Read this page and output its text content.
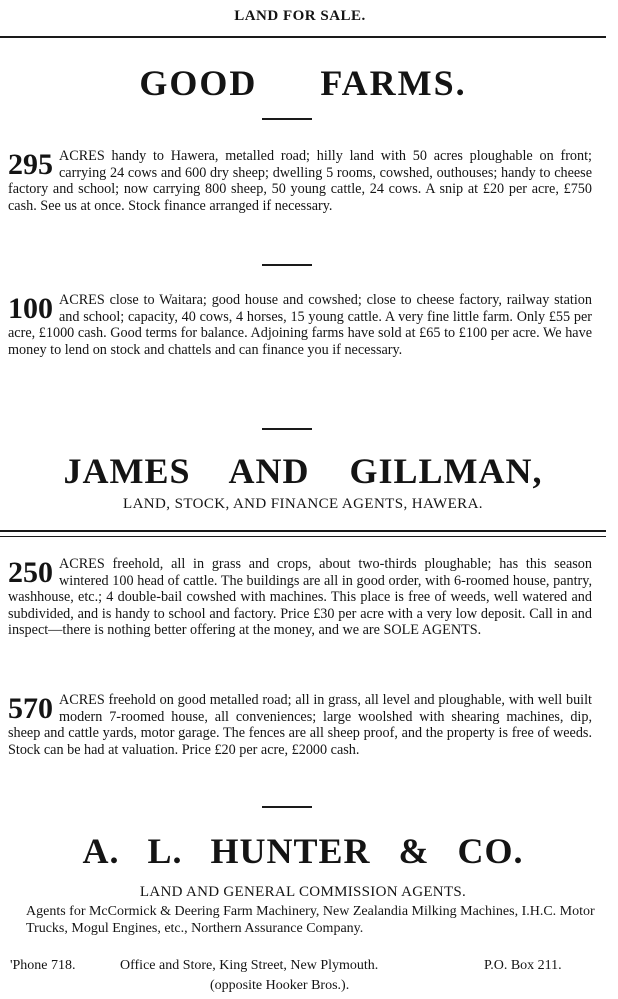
LAND FOR SALE.
GOOD FARMS.
295 ACRES handy to Hawera, metalled road; hilly land with 50 acres ploughable on front; carrying 24 cows and 600 dry sheep; dwelling 5 rooms, cowshed, outhouses; handy to cheese factory and school; now carrying 800 sheep, 50 young cattle, 24 cows. A snip at £20 per acre, £750 cash. See us at once. Stock finance arranged if necessary.
100 ACRES close to Waitara; good house and cowshed; close to cheese factory, railway station and school; capacity, 40 cows, 4 horses, 15 young cattle. A very fine little farm. Only £55 per acre, £1000 cash. Good terms for balance. Adjoining farms have sold at £65 to £100 per acre. We have money to lend on stock and chattels and can finance you if necessary.
JAMES AND GILLMAN,
LAND, STOCK, AND FINANCE AGENTS, HAWERA.
250 ACRES freehold, all in grass and crops, about two-thirds ploughable; has this season wintered 100 head of cattle. The buildings are all in good order, with 6-roomed house, pantry, washhouse, etc.; 4 double-bail cowshed with machines. This place is free of weeds, well watered and subdivided, and is handy to school and factory. Price £30 per acre with a very low deposit. Call in and inspect—there is nothing better offering at the money, and we are SOLE AGENTS.
570 ACRES freehold on good metalled road; all in grass, all level and ploughable, with well built modern 7-roomed house, all conveniences; large woolshed with shearing machines, dip, sheep and cattle yards, motor garage. The fences are all sheep proof, and the property is free of weeds. Stock can be had at valuation. Price £20 per acre, £2000 cash.
A. L. HUNTER & CO.
LAND AND GENERAL COMMISSION AGENTS.
Agents for McCormick & Deering Farm Machinery, New Zealandia Milking Machines, I.H.C. Motor Trucks, Mogul Engines, etc., Northern Assurance Company.
'Phone 718.	Office and Store, King Street, New Plymouth.	P.O. Box 211.
(opposite Hooker Bros.).
